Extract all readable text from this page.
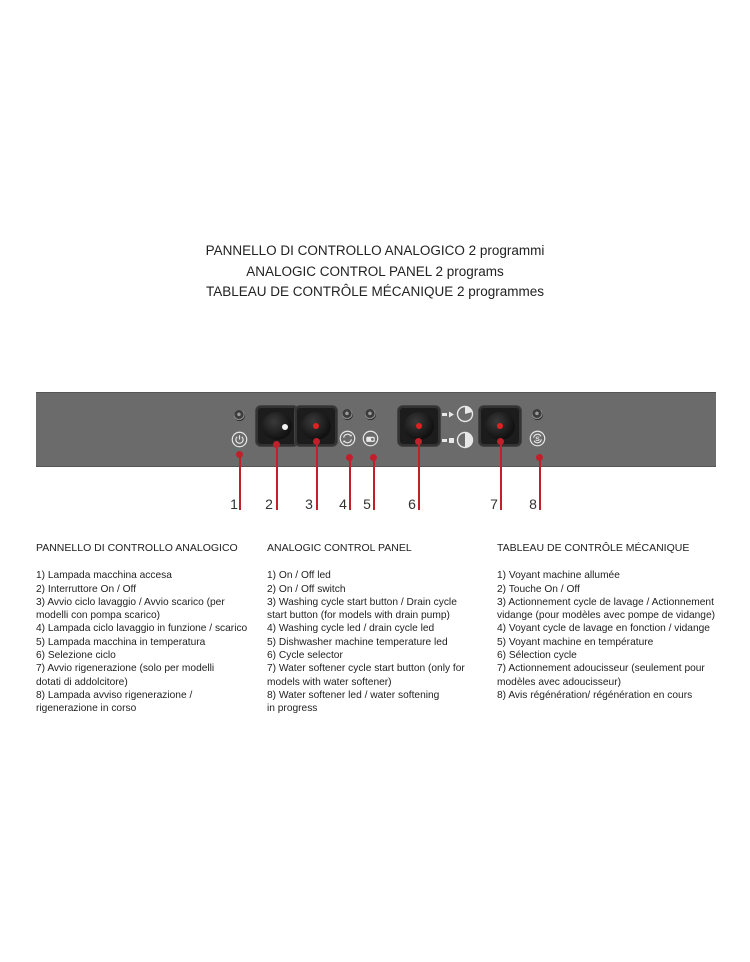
PANNELLO DI CONTROLLO ANALOGICO 2 programmi
ANALOGIC CONTROL PANEL 2 programs
TABLEAU DE CONTRÔLE MÉCANIQUE 2 programmes
S
1	2	3	4	5	6	7	8
PANNELLO DI CONTROLLO ANALOGICO
1) Lampada macchina accesa
2) Interruttore On / Off
3) Avvio ciclo lavaggio / Avvio scarico (per
modelli con pompa scarico)
4) Lampada ciclo lavaggio in funzione / scarico
5) Lampada macchina in temperatura
6) Selezione ciclo
7) Avvio rigenerazione (solo per modelli
dotati di addolcitore)
8) Lampada avviso rigenerazione /
rigenerazione in corso
ANALOGIC CONTROL PANEL
1) On / Off led
2) On / Off switch
3) Washing cycle start button / Drain cycle
start button (for models with drain pump)
4) Washing cycle led / drain cycle led
5) Dishwasher machine temperature led
6) Cycle selector
7) Water softener cycle start button (only for
models with water softener)
8) Water softener led / water softening
in progress
TABLEAU DE CONTRÔLE MÉCANIQUE
1) Voyant machine allumée
2) Touche On / Off
3) Actionnement cycle de lavage / Actionnement
vidange (pour modèles avec pompe de vidange)
4) Voyant cycle de lavage en fonction / vidange
5) Voyant machine en température
6) Sélection cycle
7) Actionnement adoucisseur (seulement pour
modèles avec adoucisseur)
8) Avis régénération/ régénération en cours
